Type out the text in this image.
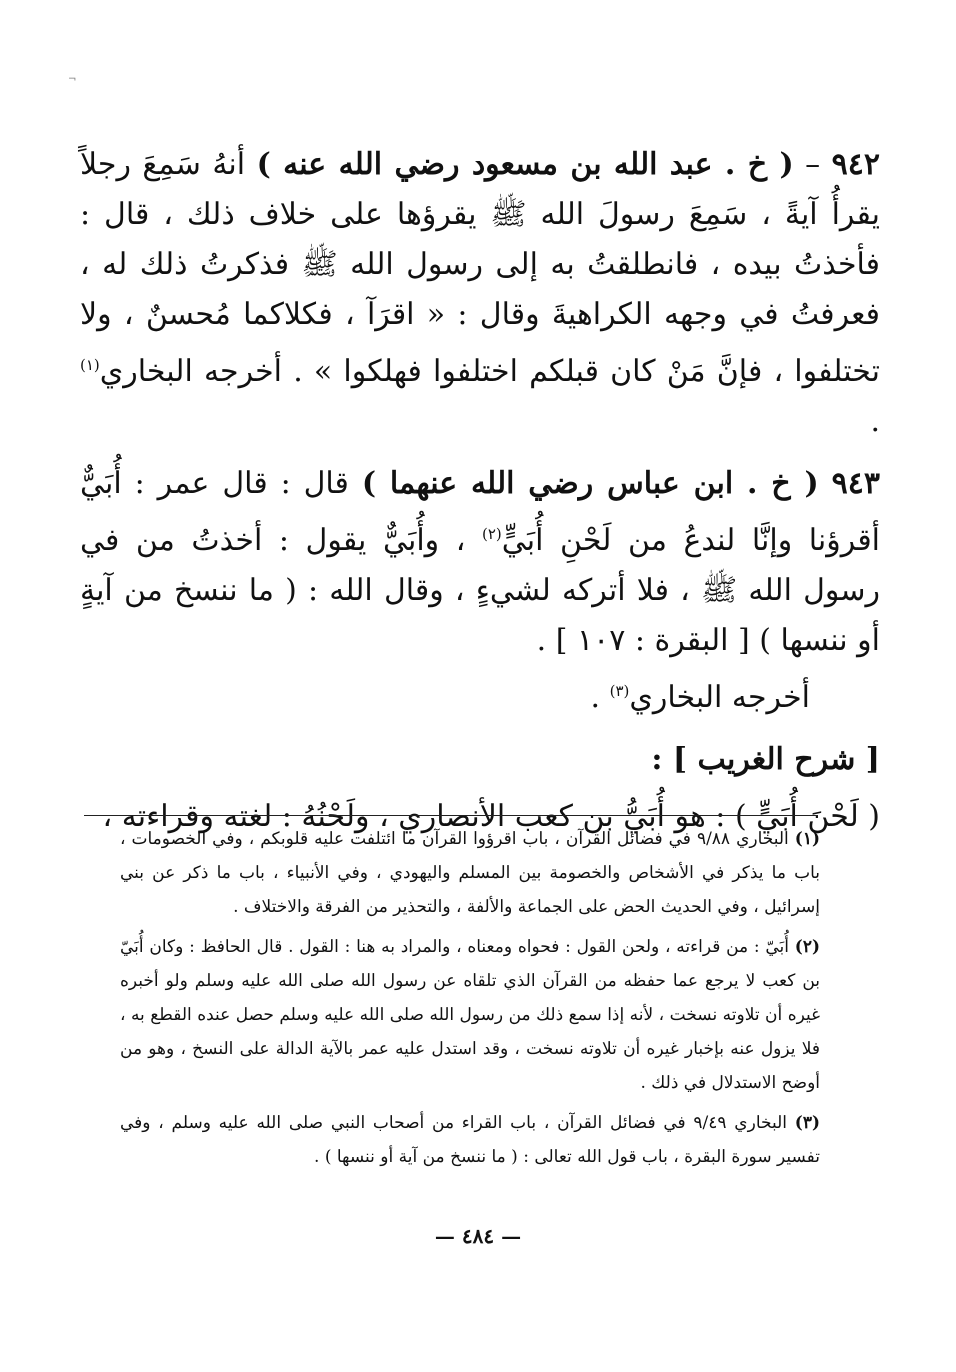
¬

٩٤٢ – ( خ . عبد الله بن مسعود رضي الله عنه ) أنهُ سَمِعَ رجلاً يقرأُ آيةً ، سَمِعَ رسولَ الله ﷺ يقرؤها على خلاف ذلك ، قال : فأخذتُ بيده ، فانطلقتُ به إلى رسول الله ﷺ فذكرتُ ذلك له ، فعرفتُ في وجهه الكراهيةَ وقال : « اقرَآ ، فكلاكما مُحسنٌ ، ولا تختلفوا ، فإنَّ مَنْ كان قبلكم اختلفوا فهلكوا » . أخرجه البخاري$^{(١)}$ .

٩٤٣ ( خ . ابن عباس رضي الله عنهما ) قال : قال عمر : أُبَيٌّ أقرؤنا وإنَّا لندعُ من لَحْنِ أُبَيٍّ$^{(٢)}$ ، وأُبَيٌّ يقول : أخذتُ من في رسول الله ﷺ ، فلا أتركه لشيءٍ ، وقال الله : ( ما ننسخ من آيةٍ أو ننسها ) [ البقرة : ١٠٧ ] .

أخرجه البخاري$^{(٣)}$ .
[ شرح الغريب ] :
( لَحْنَ أُبَيٍّ ) : هو أُبَيُّ بن كعب الأنصاري ، ولَحْنُهُ : لغته وقراءته ،

(١) البخاري ٩/٨٨ في فضائل القرآن ، باب اقرؤوا القرآن ما ائتلفت عليه قلوبكم ، وفي الخصومات ، باب ما يذكر في الأشخاص والخصومة بين المسلم واليهودي ، وفي الأنبياء ، باب ما ذكر عن بني إسرائيل ، وفي الحديث الحض على الجماعة والألفة ، والتحذير من الفرقة والاختلاف .

(٢) أُبَيّ : من قراءته ، ولحن القول : فحواه ومعناه ، والمراد به هنا : القول . قال الحافظ : وكان أُبَيّ بن كعب لا يرجع عما حفظه من القرآن الذي تلقاه عن رسول الله صلى الله عليه وسلم ولو أخبره غيره أن تلاوته نسخت ، لأنه إذا سمع ذلك من رسول الله صلى الله عليه وسلم حصل عنده القطع به ، فلا يزول عنه بإخبار غيره أن تلاوته نسخت ، وقد استدل عليه عمر بالآية الدالة على النسخ ، وهو من أوضح الاستدلال في ذلك .

(٣) البخاري ٩/٤٩ في فضائل القرآن ، باب القراء من أصحاب النبي صلى الله عليه وسلم ، وفي تفسير سورة البقرة ، باب قول الله تعالى : ( ما ننسخ من آية أو ننسها ) .

— ٤٨٤ —
